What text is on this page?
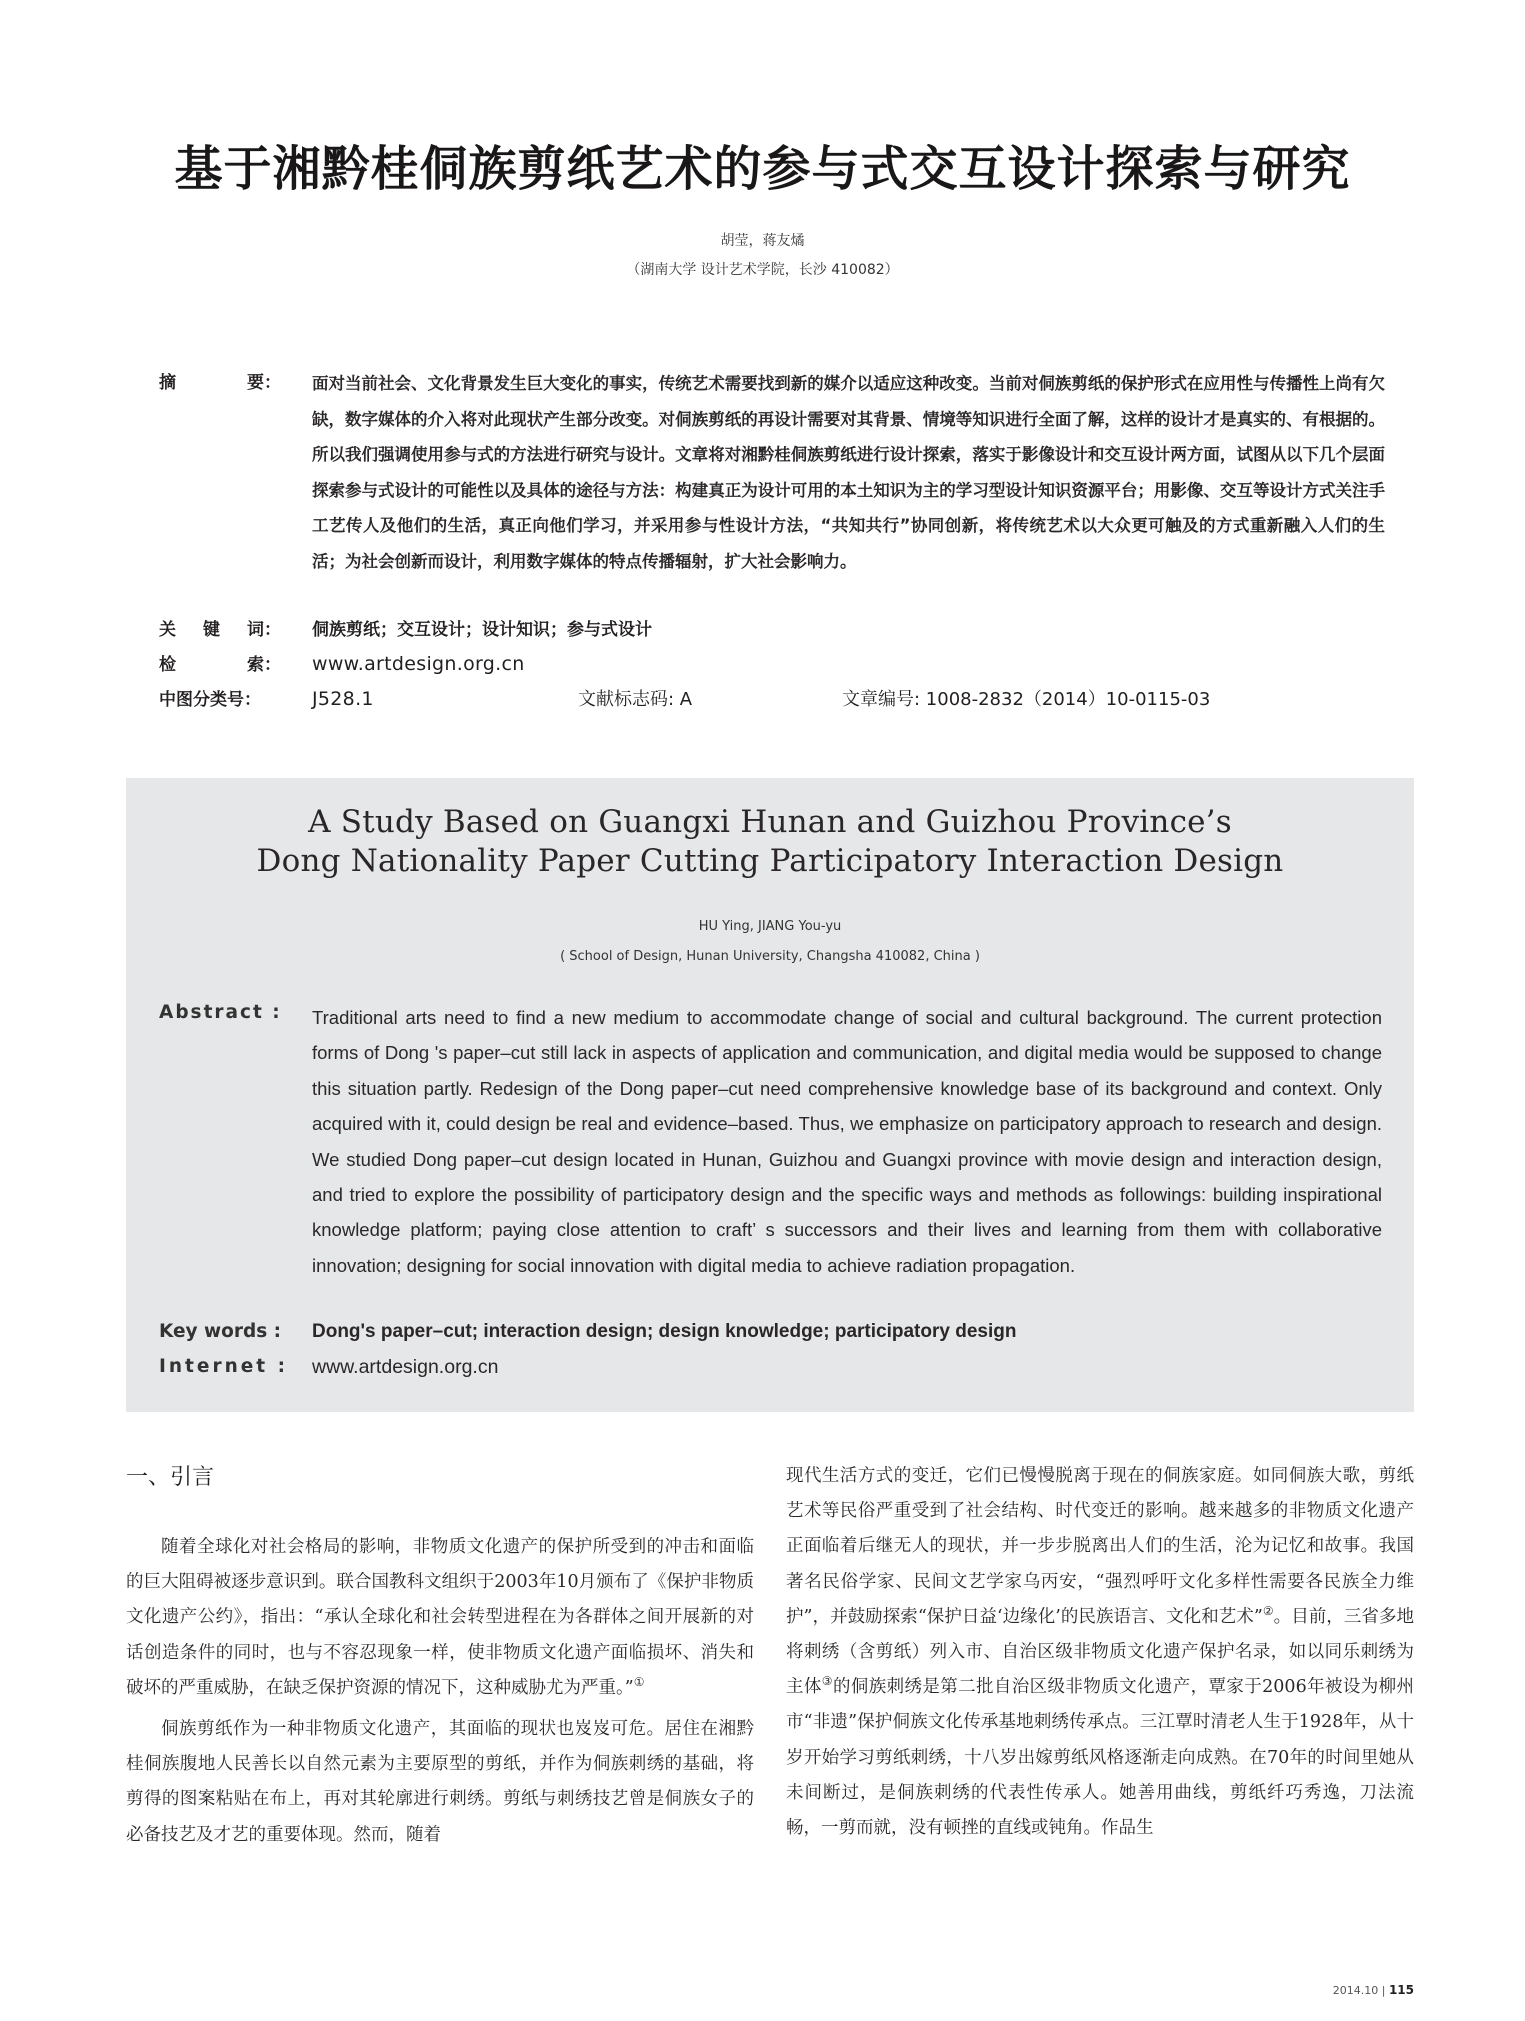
基于湘黔桂侗族剪纸艺术的参与式交互设计探索与研究
胡莹，蒋友燏
（湖南大学 设计艺术学院，长沙 410082）
摘	要： 面对当前社会、文化背景发生巨大变化的事实，传统艺术需要找到新的媒介以适应这种改变。当前对侗族剪纸的保护形式在应用性与传播性上尚有欠缺，数字媒体的介入将对此现状产生部分改变。对侗族剪纸的再设计需要对其背景、情境等知识进行全面了解，这样的设计才是真实的、有根据的。所以我们强调使用参与式的方法进行研究与设计。文章将对湘黔桂侗族剪纸进行设计探索，落实于影像设计和交互设计两方面，试图从以下几个层面探索参与式设计的可能性以及具体的途径与方法：构建真正为设计可用的本土知识为主的学习型设计知识资源平台；用影像、交互等设计方式关注手工艺传人及他们的生活，真正向他们学习，并采用参与性设计方法，“共知共行”协同创新，将传统艺术以大众更可触及的方式重新融入人们的生活；为社会创新而设计，利用数字媒体的特点传播辐射，扩大社会影响力。
关 键 词： 侗族剪纸；交互设计；设计知识；参与式设计
检	索： www.artdesign.org.cn
中图分类号：	J528.1	文献标志码: A	文章编号: 1008-2832（2014）10-0115-03
A Study Based on Guangxi Hunan and Guizhou Province’s
Dong Nationality Paper Cutting Participatory Interaction Design
HU Ying, JIANG You-yu
( School of Design, Hunan University, Changsha 410082, China )
Abstract : Traditional arts need to find a new medium to accommodate change of social and cultural background. The current protection forms of Dong 's paper–cut still lack in aspects of application and communication, and digital media would be supposed to change this situation partly. Redesign of the Dong paper–cut need comprehensive knowledge base of its background and context. Only acquired with it, could design be real and evidence–based. Thus, we emphasize on participatory approach to research and design. We studied Dong paper–cut design located in Hunan, Guizhou and Guangxi province with movie design and interaction design, and tried to explore the possibility of participatory design and the specific ways and methods as followings: building inspirational knowledge platform; paying close attention to craft’ s successors and their lives and learning from them with collaborative innovation; designing for social innovation with digital media to achieve radiation propagation.
Key words : Dong's paper–cut; interaction design; design knowledge; participatory design
Internet : www.artdesign.org.cn
一、引言

随着全球化对社会格局的影响，非物质文化遗产的保护所受到的冲击和面临的巨大阻碍被逐步意识到。联合国教科文组织于2003年10月颁布了《保护非物质文化遗产公约》，指出：“承认全球化和社会转型进程在为各群体之间开展新的对话创造条件的同时，也与不容忍现象一样，使非物质文化遗产面临损坏、消失和破坏的严重威胁，在缺乏保护资源的情况下，这种威胁尤为严重。”①

侗族剪纸作为一种非物质文化遗产，其面临的现状也岌岌可危。居住在湘黔桂侗族腹地人民善长以自然元素为主要原型的剪纸，并作为侗族刺绣的基础，将剪得的图案粘贴在布上，再对其轮廓进行刺绣。剪纸与刺绣技艺曾是侗族女子的必备技艺及才艺的重要体现。然而，随着

现代生活方式的变迁，它们已慢慢脱离于现在的侗族家庭。如同侗族大歌，剪纸艺术等民俗严重受到了社会结构、时代变迁的影响。越来越多的非物质文化遗产正面临着后继无人的现状，并一步步脱离出人们的生活，沦为记忆和故事。我国著名民俗学家、民间文艺学家乌丙安，“强烈呼吁文化多样性需要各民族全力维护”，并鼓励探索“保护日益‘边缘化’的民族语言、文化和艺术”②。目前，三省多地将刺绣（含剪纸）列入市、自治区级非物质文化遗产保护名录，如以同乐刺绣为主体③的侗族刺绣是第二批自治区级非物质文化遗产，覃家于2006年被设为柳州市“非遗”保护侗族文化传承基地刺绣传承点。三江覃时清老人生于1928年，从十岁开始学习剪纸刺绣，十八岁出嫁剪纸风格逐渐走向成熟。在70年的时间里她从未间断过，是侗族刺绣的代表性传承人。她善用曲线，剪纸纤巧秀逸，刀法流畅，一剪而就，没有顿挫的直线或钝角。作品生

2014.10 | 115
